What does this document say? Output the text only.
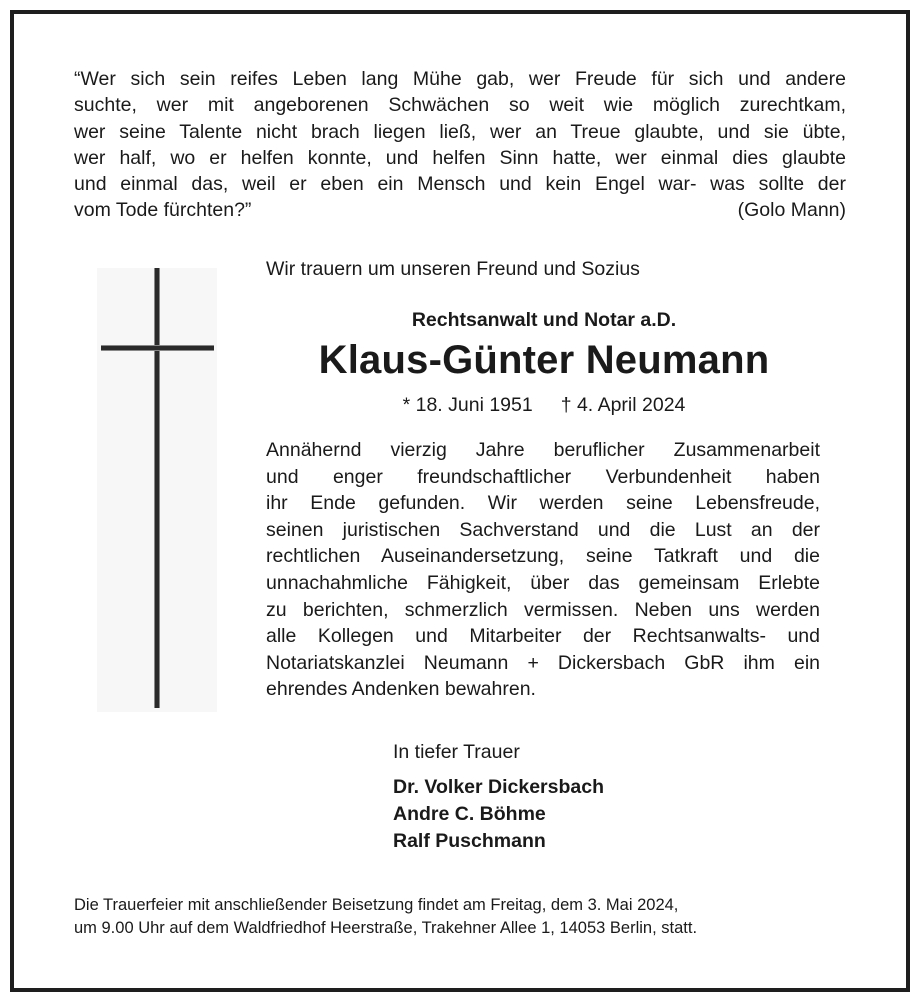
“Wer sich sein reifes Leben lang Mühe gab, wer Freude für sich und andere
suchte, wer mit angeborenen Schwächen so weit wie möglich zurechtkam,
wer seine Talente nicht brach liegen ließ, wer an Treue glaubte, und sie übte,
wer half, wo er helfen konnte, und helfen Sinn hatte, wer einmal dies glaubte
und einmal das, weil er eben ein Mensch und kein Engel war- was sollte der
vom Tode fürchten?”	(Golo Mann)
Wir trauern um unseren Freund und Sozius
Rechtsanwalt und Notar a.D.
Klaus-Günter Neumann
* 18. Juni 1951 † 4. April 2024
Annähernd vierzig Jahre beruflicher Zusammenarbeit
und enger freundschaftlicher Verbundenheit haben
ihr Ende gefunden. Wir werden seine Lebensfreude,
seinen juristischen Sachverstand und die Lust an der
rechtlichen Auseinandersetzung, seine Tatkraft und die
unnachahmliche Fähigkeit, über das gemeinsam Erlebte
zu berichten, schmerzlich vermissen. Neben uns werden
alle Kollegen und Mitarbeiter der Rechtsanwalts- und
Notariatskanzlei Neumann + Dickersbach GbR ihm ein
ehrendes Andenken bewahren.
In tiefer Trauer
Dr. Volker Dickersbach
Andre C. Böhme
Ralf Puschmann
Die Trauerfeier mit anschließender Beisetzung findet am Freitag, dem 3. Mai 2024,
um 9.00 Uhr auf dem Waldfriedhof Heerstraße, Trakehner Allee 1, 14053 Berlin, statt.
